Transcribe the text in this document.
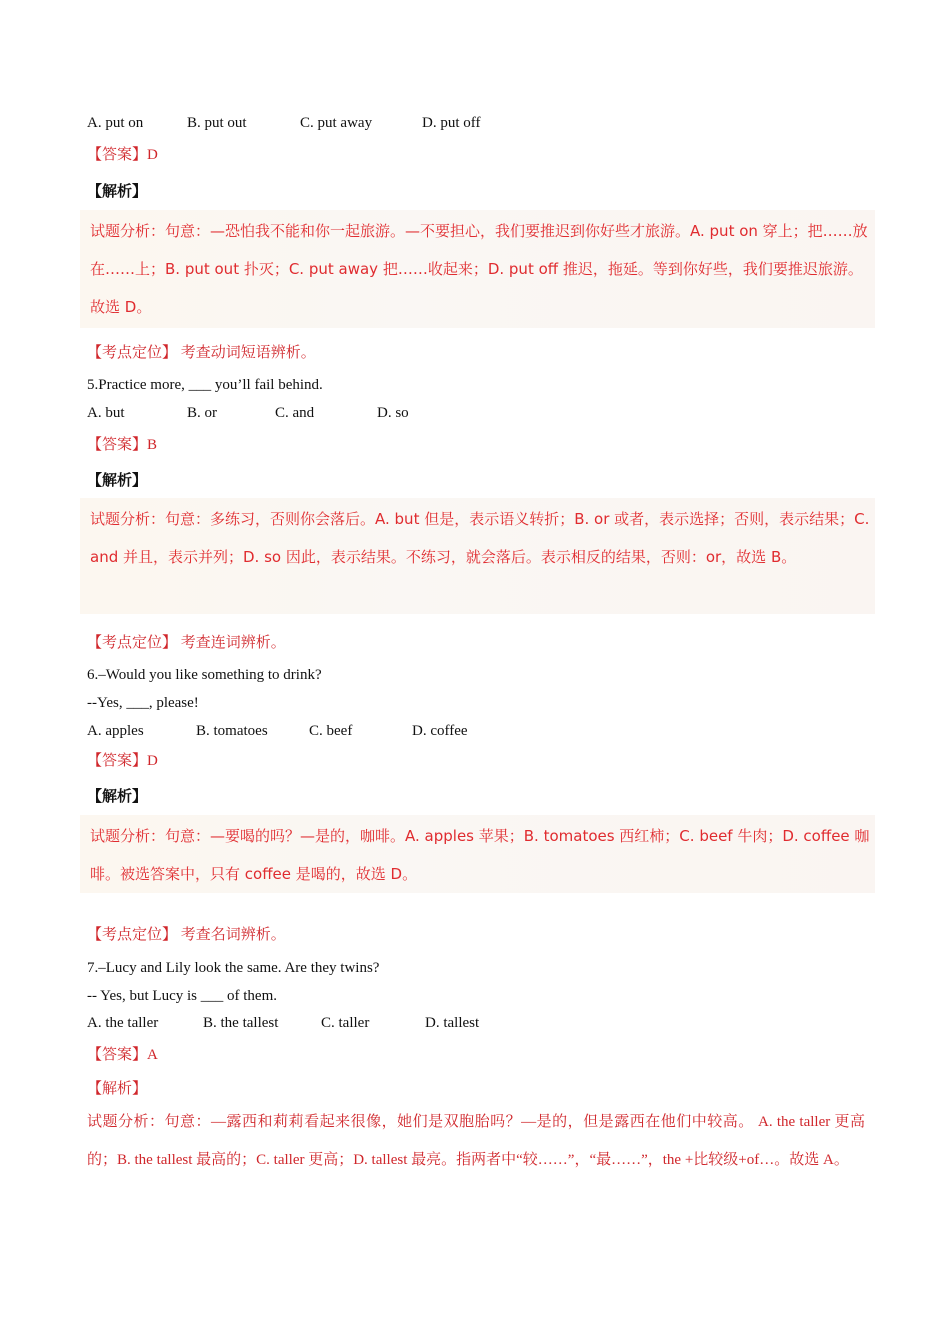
A. put on	B. put out	C. put away	D. put off
【答案】D
【解析】
试题分析：句意：—恐怕我不能和你一起旅游。—不要担心，我们要推迟到你好些才旅游。A. put on 穿上；把……放在……上；B. put out 扑灭；C. put away 把……收起来；D. put off 推迟，拖延。等到你好些，我们要推迟旅游。故选 D。
【考点定位】 考查动词短语辨析。
5.Practice more, ___ you’ll fail behind.
A. but	B. or	C. and	D. so
【答案】B
【解析】
试题分析：句意：多练习，否则你会落后。A. but 但是，表示语义转折；B. or 或者，表示选择；否则，表示结果；C. and 并且，表示并列；D. so 因此，表示结果。不练习，就会落后。表示相反的结果，否则：or，故选 B。
【考点定位】 考查连词辨析。
6.–Would you like something to drink?
--Yes, ___, please!
A. apples	B. tomatoes	C. beef	D. coffee
【答案】D
【解析】
试题分析：句意：—要喝的吗？—是的，咖啡。A. apples 苹果；B. tomatoes 西红柿；C. beef 牛肉；D. coffee 咖啡。被选答案中，只有 coffee 是喝的，故选 D。
【考点定位】 考查名词辨析。
7.–Lucy and Lily look the same. Are they twins?
-- Yes, but Lucy is ___ of them.
A. the taller	B. the tallest	C. taller	D. tallest
【答案】A
【解析】
试题分析：句意：—露西和莉莉看起来很像，她们是双胞胎吗？—是的，但是露西在他们中较高。 A. the taller 更高的；B. the tallest 最高的；C. taller 更高；D. tallest 最亮。指两者中“较……”，“最……”，the +比较级+of…。故选 A。
